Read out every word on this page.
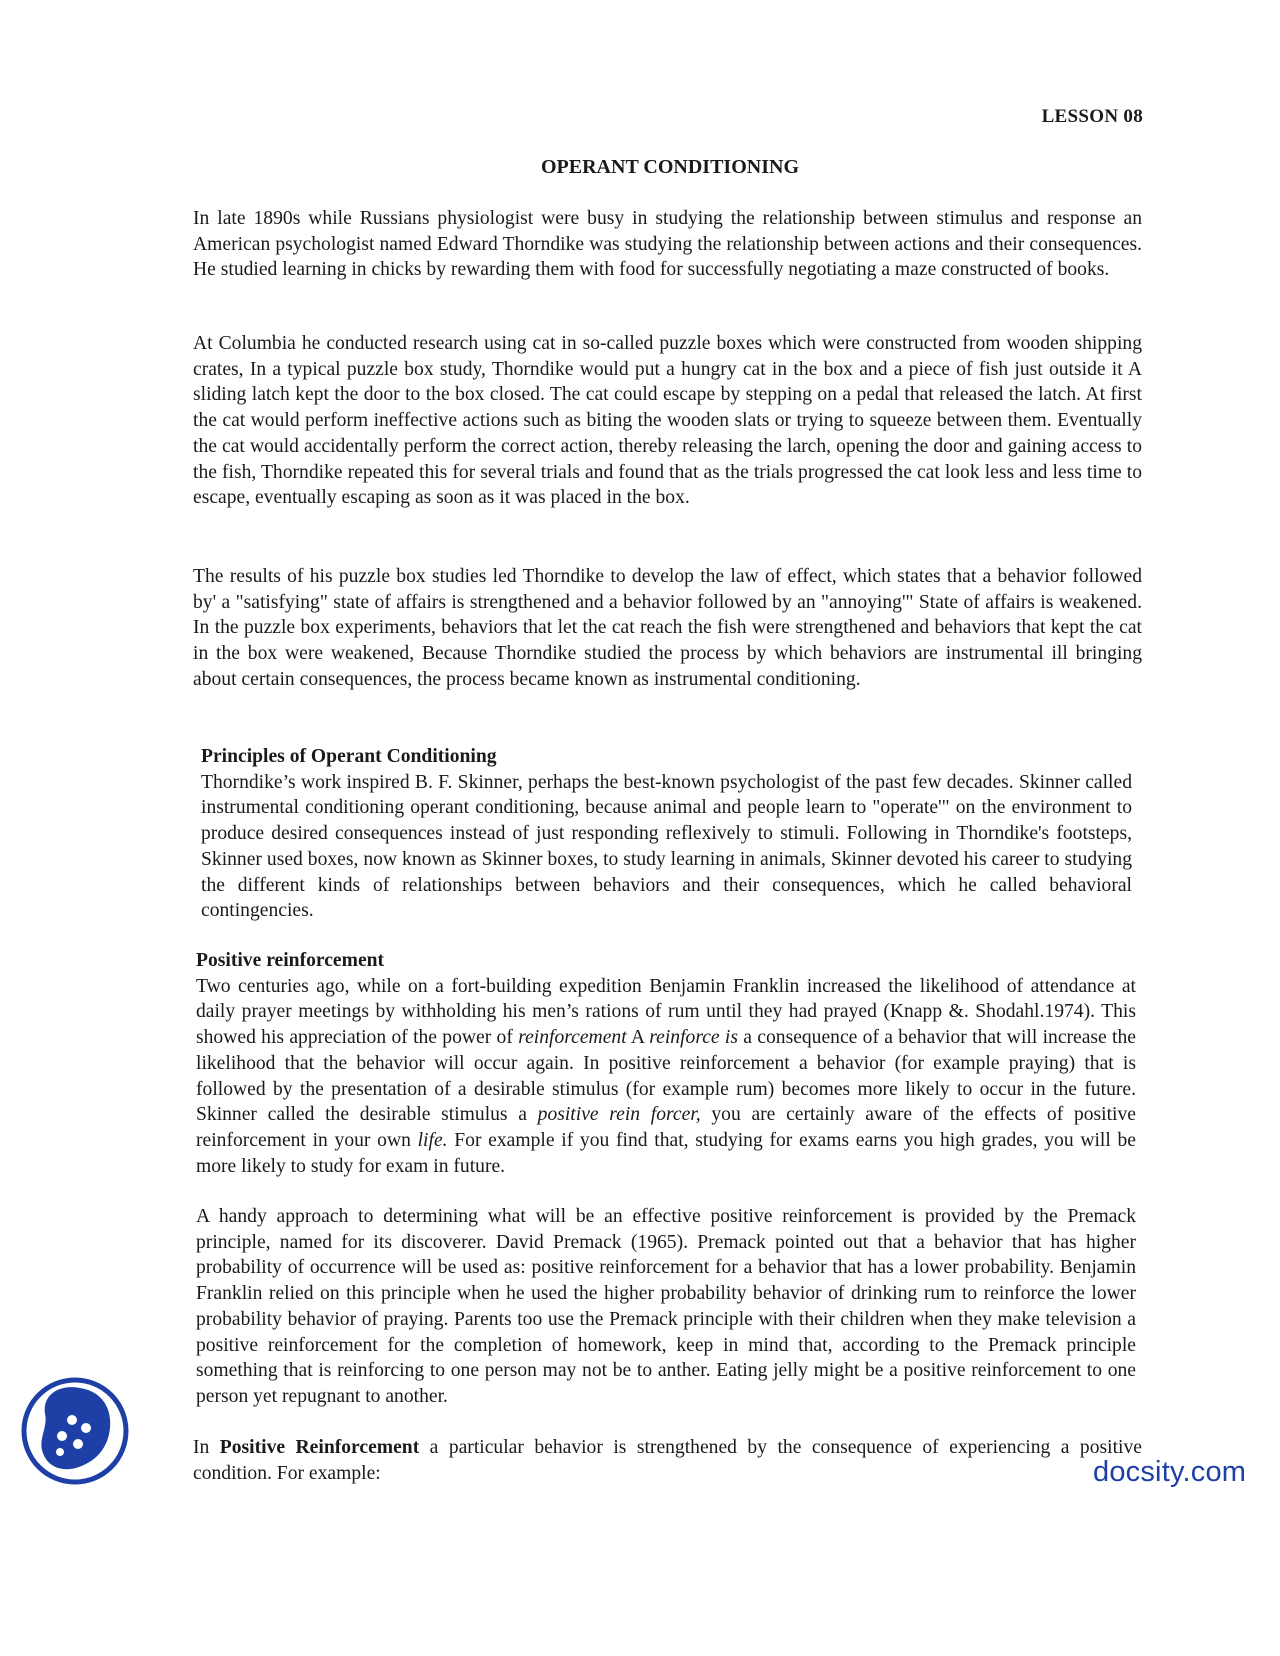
LESSON 08
OPERANT CONDITIONING

In late 1890s while Russians physiologist were busy in studying the relationship between stimulus and response an American psychologist named Edward Thorndike was studying the relationship between actions and their consequences. He studied learning in chicks by rewarding them with food for successfully negotiating a maze constructed of books.

At Columbia he conducted research using cat in so-called puzzle boxes which were constructed from wooden shipping crates, In a typical puzzle box study, Thorndike would put a hungry cat in the box and a piece of fish just outside it A sliding latch kept the door to the box closed. The cat could escape by stepping on a pedal that released the latch. At first the cat would perform ineffective actions such as biting the wooden slats or trying to squeeze between them. Eventually the cat would accidentally perform the correct action, thereby releasing the larch, opening the door and gaining access to the fish, Thorndike repeated this for several trials and found that as the trials progressed the cat look less and less time to escape, eventually escaping as soon as it was placed in the box.

The results of his puzzle box studies led Thorndike to develop the law of effect, which states that a behavior followed by' a "satisfying" state of affairs is strengthened and a behavior followed by an "annoying'" State of affairs is weakened. In the puzzle box experiments, behaviors that let the cat reach the fish were strengthened and behaviors that kept the cat in the box were weakened, Because Thorndike studied the process by which behaviors are instrumental ill bringing about certain consequences, the process became known as instrumental conditioning.

Principles of Operant Conditioning

Thorndike’s work inspired B. F. Skinner, perhaps the best-known psychologist of the past few decades. Skinner called instrumental conditioning operant conditioning, because animal and people learn to "operate'" on the environment to produce desired consequences instead of just responding reflexively to stimuli. Following in Thorndike's footsteps, Skinner used boxes, now known as Skinner boxes, to study learning in animals, Skinner devoted his career to studying the different kinds of relationships between behaviors and their consequences, which he called behavioral contingencies.

Positive reinforcement

Two centuries ago, while on a fort-building expedition Benjamin Franklin increased the likelihood of attendance at daily prayer meetings by withholding his men’s rations of rum until they had prayed (Knapp &. Shodahl.1974). This showed his appreciation of the power of reinforcement A reinforce is a consequence of a behavior that will increase the likelihood that the behavior will occur again. In positive reinforcement a behavior (for example praying) that is followed by the presentation of a desirable stimulus (for example rum) becomes more likely to occur in the future. Skinner called the desirable stimulus a positive rein forcer, you are certainly aware of the effects of positive reinforcement in your own life. For example if you find that, studying for exams earns you high grades, you will be more likely to study for exam in future.

A handy approach to determining what will be an effective positive reinforcement is provided by the Premack principle, named for its discoverer. David Premack (1965). Premack pointed out that a behavior that has higher probability of occurrence will be used as: positive reinforcement for a behavior that has a lower probability. Benjamin Franklin relied on this principle when he used the higher probability behavior of drinking rum to reinforce the lower probability behavior of praying. Parents too use the Premack principle with their children when they make television a positive reinforcement for the completion of homework, keep in mind that, according to the Premack principle something that is reinforcing to one person may not be to anther. Eating jelly might be a positive reinforcement to one person yet repugnant to another.

In Positive Reinforcement a particular behavior is strengthened by the consequence of experiencing a positive condition. For example:	docsity.com
